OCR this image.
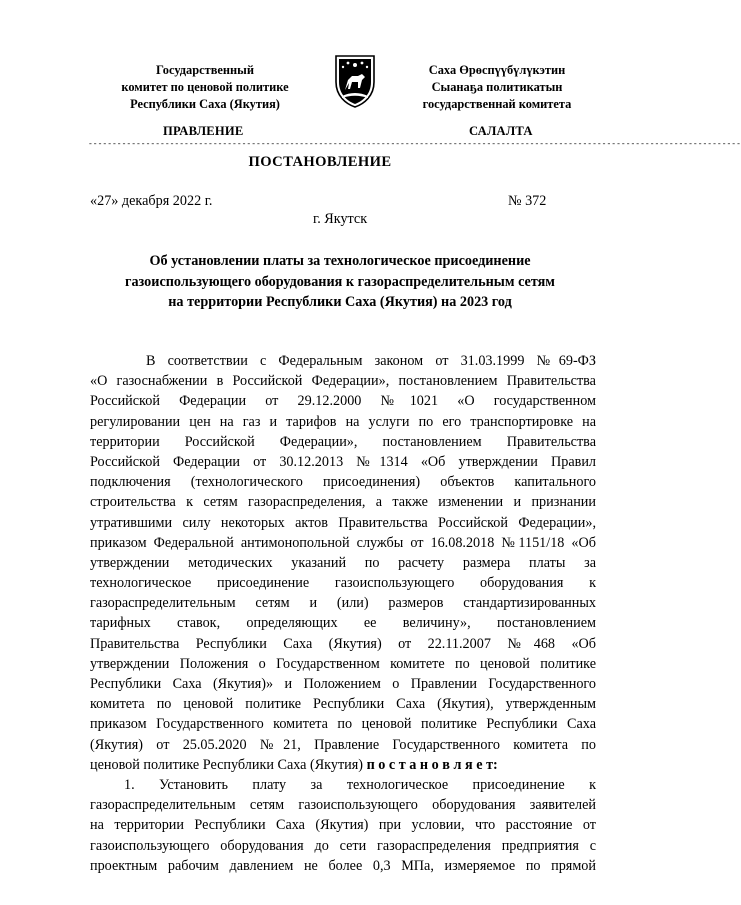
Государственный
комитет по ценовой политике
Республики Саха (Якутия)
Саха Өрөспүүбүлүкэтин
Сыанаҕа политикатын
государственнай комитета
ПРАВЛЕНИЕ	САЛАЛТА
----------------------------------------------------------------------------------------------------------------------------------------
ПОСТАНОВЛЕНИЕ
«27» декабря 2022 г.	№ 372
г. Якутск
Об установлении платы за технологическое присоединение
газоиспользующего оборудования к газораспределительным сетям
на территории Республики Саха (Якутия) на 2023 год
В соответствии с Федеральным законом от 31.03.1999 №69-ФЗ
«О газоснабжении в Российской Федерации», постановлением Правительства
Российской Федерации от 29.12.2000 №1021 «О государственном
регулировании цен на газ и тарифов на услуги по его транспортировке на
территории Российской Федерации», постановлением Правительства
Российской Федерации от 30.12.2013 №1314 «Об утверждении Правил
подключения (технологического присоединения) объектов капитального
строительства к сетям газораспределения, а также изменении и признании
утратившими силу некоторых актов Правительства Российской Федерации»,
приказом Федеральной антимонопольной службы от 16.08.2018 №1151/18 «Об
утверждении методических указаний по расчету размера платы за
технологическое присоединение газоиспользующего оборудования к
газораспределительным сетям и (или) размеров стандартизированных
тарифных ставок, определяющих ее величину», постановлением
Правительства Республики Саха (Якутия) от 22.11.2007 №468 «Об
утверждении Положения о Государственном комитете по ценовой политике
Республики Саха (Якутия)» и Положением о Правлении Государственного
комитета по ценовой политике Республики Саха (Якутия), утвержденным
приказом Государственного комитета по ценовой политике Республики Саха
(Якутия) от 25.05.2020 №21, Правление Государственного комитета по
ценовой политике Республики Саха (Якутия) п о с т а н о в л я е т:
1. Установить плату за технологическое присоединение к
газораспределительным сетям газоиспользующего оборудования заявителей
на территории Республики Саха (Якутия) при условии, что расстояние от
газоиспользующего оборудования до сети газораспределения предприятия с
проектным рабочим давлением не более 0,3 МПа, измеряемое по прямой
